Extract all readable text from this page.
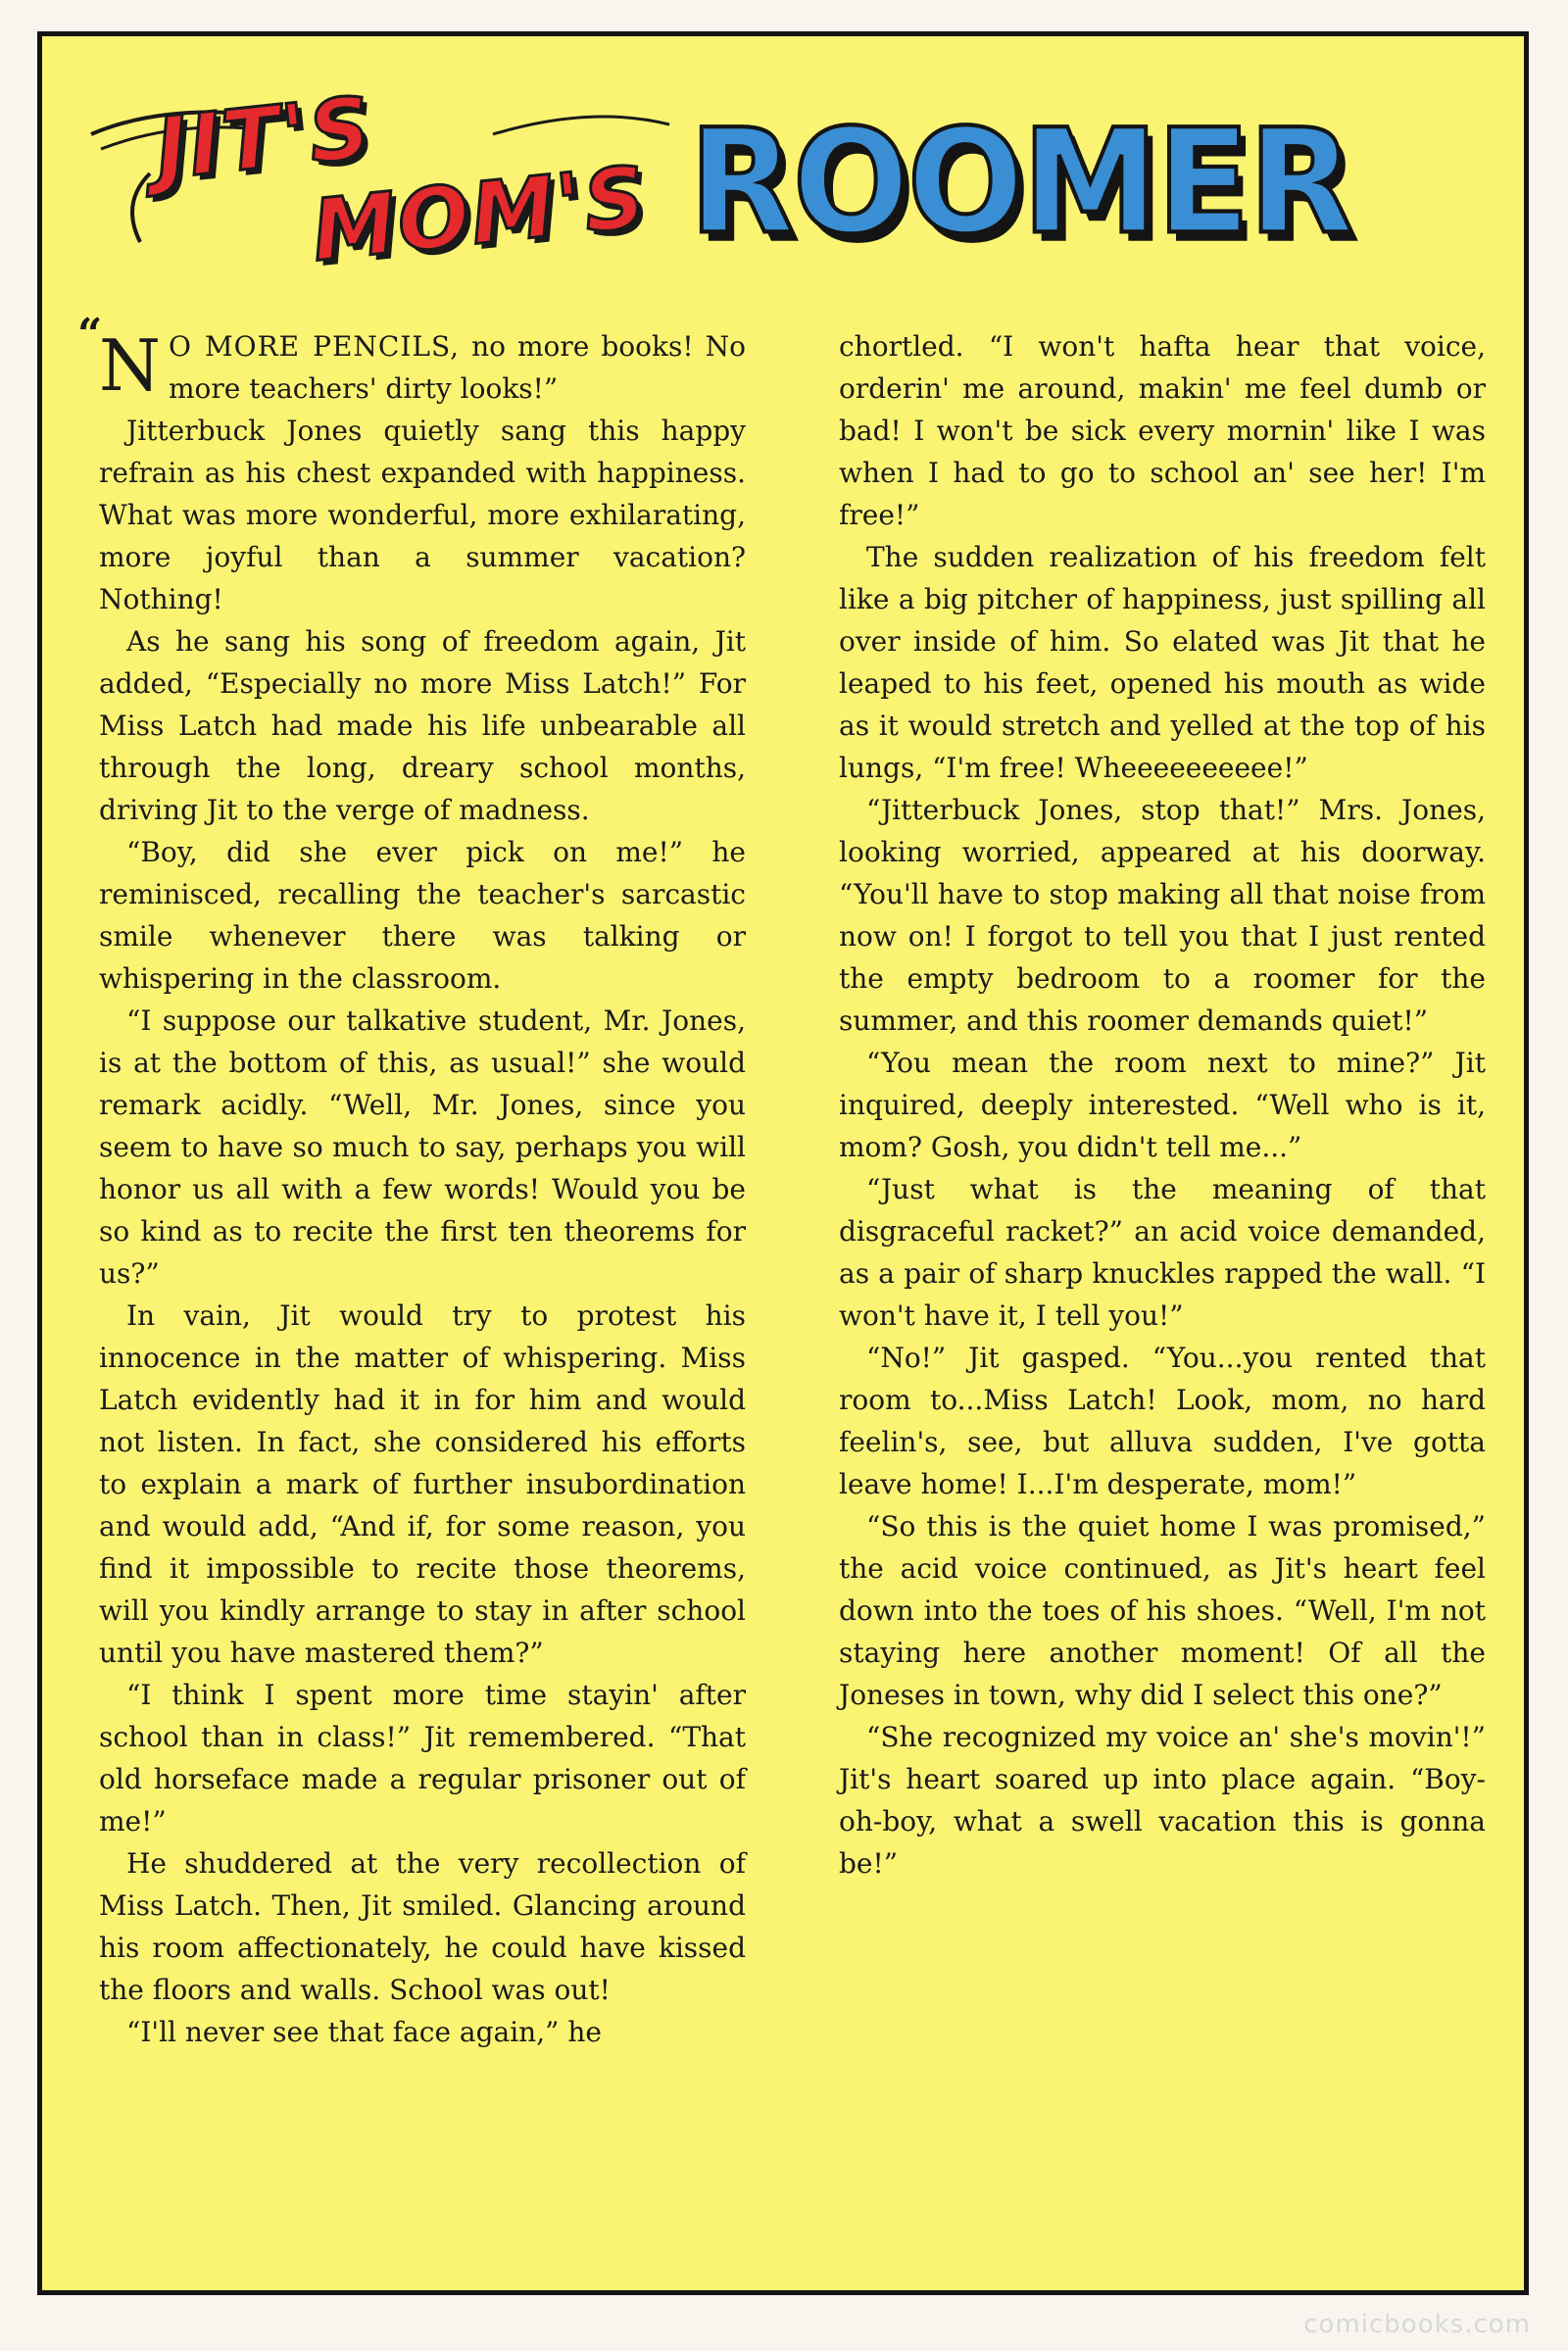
JIT'S
MOM'S ROOMER
“

N O MORE PENCILS, no more books! No more teachers' dirty looks!”

Jitterbuck Jones quietly sang this happy refrain as his chest expanded with happiness. What was more wonderful, more exhilarating, more joyful than a summer vacation? Nothing!

As he sang his song of freedom again, Jit added, “Especially no more Miss Latch!” For Miss Latch had made his life unbearable all through the long, dreary school months, driving Jit to the verge of madness.

“Boy, did she ever pick on me!” he reminisced, recalling the teacher's sarcastic smile whenever there was talking or whispering in the classroom.

“I suppose our talkative student, Mr. Jones, is at the bottom of this, as usual!” she would remark acidly. “Well, Mr. Jones, since you seem to have so much to say, perhaps you will honor us all with a few words! Would you be so kind as to recite the first ten theorems for us?”

In vain, Jit would try to protest his innocence in the matter of whispering. Miss Latch evidently had it in for him and would not listen. In fact, she considered his efforts to explain a mark of further insubordination and would add, “And if, for some reason, you find it impossible to recite those theorems, will you kindly arrange to stay in after school until you have mastered them?”

“I think I spent more time stayin' after school than in class!” Jit remembered. “That old horseface made a regular prisoner out of me!”

He shuddered at the very recollection of Miss Latch. Then, Jit smiled. Glancing around his room affectionately, he could have kissed the floors and walls. School was out!

“I'll never see that face again,” he

chortled. “I won't hafta hear that voice, orderin' me around, makin' me feel dumb or bad! I won't be sick every mornin' like I was when I had to go to school an' see her! I'm free!”

The sudden realization of his freedom felt like a big pitcher of happiness, just spilling all over inside of him. So elated was Jit that he leaped to his feet, opened his mouth as wide as it would stretch and yelled at the top of his lungs, “I'm free! Wheeeeeeeeee!”

“Jitterbuck Jones, stop that!” Mrs. Jones, looking worried, appeared at his doorway. “You'll have to stop making all that noise from now on! I forgot to tell you that I just rented the empty bedroom to a roomer for the summer, and this roomer demands quiet!”

“You mean the room next to mine?” Jit inquired, deeply interested. “Well who is it, mom? Gosh, you didn't tell me...”

“Just what is the meaning of that disgraceful racket?” an acid voice demanded, as a pair of sharp knuckles rapped the wall. “I won't have it, I tell you!”

“No!” Jit gasped. “You...you rented that room to...Miss Latch! Look, mom, no hard feelin's, see, but alluva sudden, I've gotta leave home! I...I'm desperate, mom!”

“So this is the quiet home I was promised,” the acid voice continued, as Jit's heart feel down into the toes of his shoes. “Well, I'm not staying here another moment! Of all the Joneses in town, why did I select this one?”

“She recognized my voice an' she's movin'!” Jit's heart soared up into place again. “Boy-oh-boy, what a swell vacation this is gonna be!”

comicbooks.com
